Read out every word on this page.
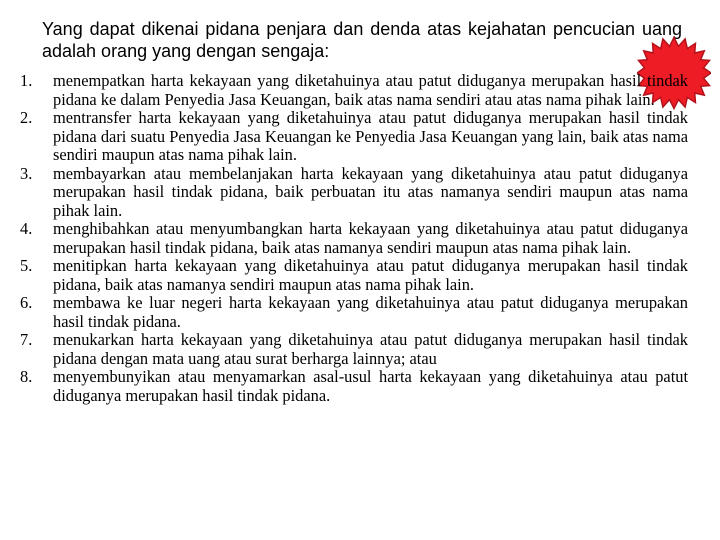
Yang dapat dikenai pidana penjara dan denda atas kejahatan pencucian uang adalah orang yang dengan sengaja:

1.	menempatkan harta kekayaan yang diketahuinya atau patut diduganya merupakan hasil tindak pidana ke dalam Penyedia Jasa Keuangan, baik atas nama sendiri atau atas nama pihak lain.
2.	mentransfer harta kekayaan yang diketahuinya atau patut diduganya merupakan hasil tindak pidana dari suatu Penyedia Jasa Keuangan ke Penyedia Jasa Keuangan yang lain, baik atas nama sendiri maupun atas nama pihak lain.
3.	membayarkan atau membelanjakan harta kekayaan yang diketahuinya atau patut diduganya merupakan hasil tindak pidana, baik perbuatan itu atas namanya sendiri maupun atas nama pihak lain.
4.	menghibahkan atau menyumbangkan harta kekayaan yang diketahuinya atau patut diduganya merupakan hasil tindak pidana, baik atas namanya sendiri maupun atas nama pihak lain.
5.	menitipkan harta kekayaan yang diketahuinya atau patut diduganya merupakan hasil tindak pidana, baik atas namanya sendiri maupun atas nama pihak lain.
6.	membawa ke luar negeri harta kekayaan yang diketahuinya atau patut diduganya merupakan hasil tindak pidana.
7.	menukarkan harta kekayaan yang diketahuinya atau patut diduganya merupakan hasil tindak pidana dengan mata uang atau surat berharga lainnya; atau
8.	menyembunyikan atau menyamarkan asal-usul harta kekayaan yang diketahuinya atau patut diduganya merupakan hasil tindak pidana.
